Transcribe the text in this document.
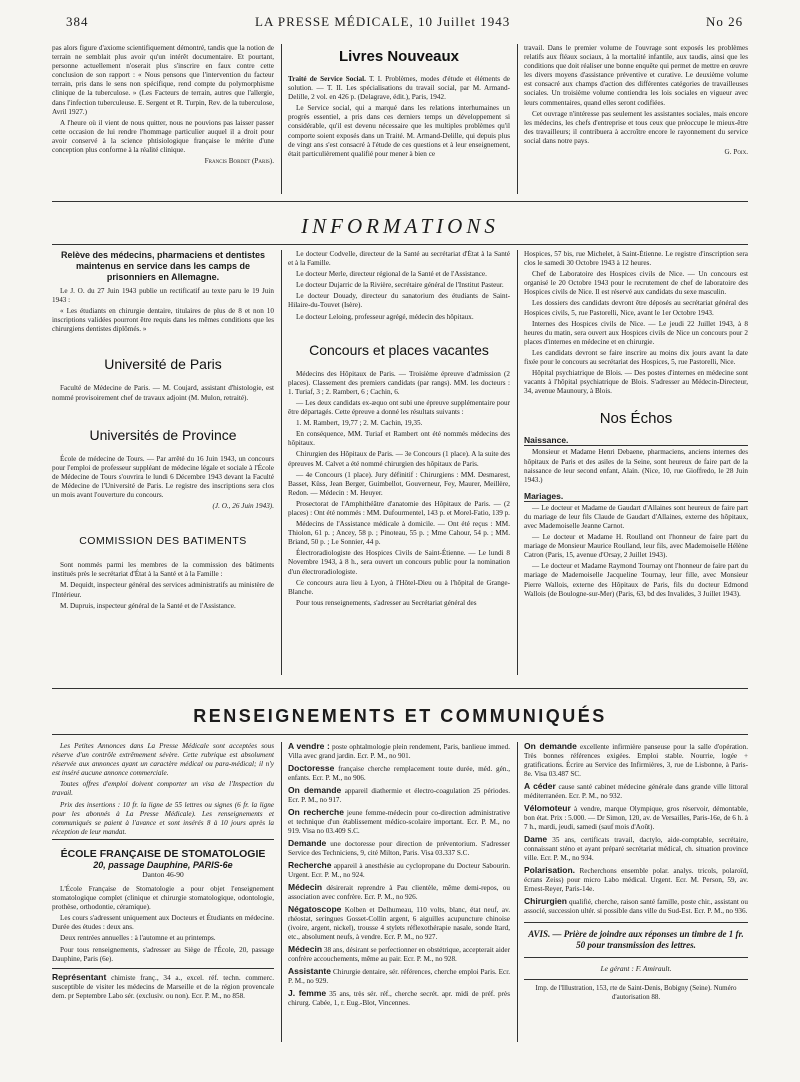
384	LA PRESSE MÉDICALE, 10 Juillet 1943	No 26

pas alors figure d'axiome scientifiquement démontré, tandis que la notion de terrain ne semblait plus avoir qu'un intérêt documentaire. Et pourtant, personne actuellement n'oserait plus s'inscrire en faux contre cette conclusion de son rapport : « Nous pensons que l'intervention du facteur terrain, pris dans le sens non spécifique, rend compte du polymorphisme clinique de la tuberculose. » (Les Facteurs de terrain, autres que l'allergie, dans l'infection tuberculeuse. E. Sergent et R. Turpin, Rev. de la tuberculose, Avril 1927.)

A l'heure où il vient de nous quitter, nous ne pouvions pas laisser passer cette occasion de lui rendre l'hommage particulier auquel il a droit pour avoir conservé à la science phtisiologique française le mérite d'une conception plus conforme à la réalité clinique.

Francis Bordet (Paris).
Livres Nouveaux

Traité de Service Social. T. I. Problèmes, modes d'étude et éléments de solution. — T. II. Les spécialisations du travail social, par M. Armand-Delille, 2 vol. en 426 p. (Delagrave, édit.), Paris, 1942.

Le Service social, qui a marqué dans les relations interhumaines un progrès essentiel, a pris dans ces derniers temps un développement si considérable, qu'il est devenu nécessaire que les multiples problèmes qu'il comporte soient exposés dans un Traité. M. Armand-Delille, qui depuis plus de vingt ans s'est consacré à l'étude de ces questions et à leur enseignement, était particulièrement qualifié pour mener à bien ce

travail. Dans le premier volume de l'ouvrage sont exposés les problèmes relatifs aux fléaux sociaux, à la mortalité infantile, aux taudis, ainsi que les conditions que doit réaliser une bonne enquête qui permet de mettre en œuvre les divers moyens d'assistance préventive et curative. Le deuxième volume est consacré aux champs d'action des différentes catégories de travailleuses sociales. Un troisième volume contiendra les lois sociales en vigueur avec leurs commentaires, quand elles seront codifiées.

Cet ouvrage n'intéresse pas seulement les assistantes sociales, mais encore les médecins, les chefs d'entreprise et tous ceux que préoccupe le mieux-être des travailleurs; il contribuera à accroître encore le rayonnement du service social dans notre pays.

G. Poix.
INFORMATIONS
Relève des médecins, pharmaciens et dentistes maintenus en service dans les camps de prisonniers en Allemagne.

Le J. O. du 27 Juin 1943 publie un rectificatif au texte paru le 19 Juin 1943 :

« Les étudiants en chirurgie dentaire, titulaires de plus de 8 et non 10 inscriptions validées pourront être requis dans les mêmes conditions que les chirurgiens dentistes diplômés. »

Université de Paris

Faculté de Médecine de Paris. — M. Coujard, assistant d'histologie, est nommé provisoirement chef de travaux adjoint (M. Mulon, retraité).

Universités de Province

École de médecine de Tours. — Par arrêté du 16 Juin 1943, un concours pour l'emploi de professeur suppléant de médecine légale et sociale à l'École de Médecine de Tours s'ouvrira le lundi 6 Décembre 1943 devant la Faculté de Médecine de l'Université de Paris. Le registre des inscriptions sera clos un mois avant l'ouverture du concours.

(J. O., 26 Juin 1943).
COMMISSION DES BATIMENTS

Sont nommés parmi les membres de la commission des bâtiments institués près le secrétariat d'État à la Santé et à la Famille :

M. Dequidt, inspecteur général des services administratifs au ministère de l'Intérieur.

M. Dupruis, inspecteur général de la Santé et de l'Assistance.

Le docteur Codvelle, directeur de la Santé au secrétariat d'État à la Santé et à la Famille.

Le docteur Merle, directeur régional de la Santé et de l'Assistance.

Le docteur Dujarric de la Rivière, secrétaire général de l'Institut Pasteur.

Le docteur Douady, directeur du sanatorium des étudiants de Saint-Hilaire-du-Touvet (Isère).

Le docteur Leloing, professeur agrégé, médecin des hôpitaux.

Concours et places vacantes

Médecins des Hôpitaux de Paris. — Troisième épreuve d'admission (2 places). Classement des premiers candidats (par rangs). MM. les docteurs : 1. Turiaf, 3 ; 2. Rambert, 6 ; Cachin, 6.

— Les deux candidats ex-æquo ont subi une épreuve supplémentaire pour être départagés. Cette épreuve a donné les résultats suivants :

1. M. Rambert, 19,77 ; 2. M. Cachin, 19,35.

En conséquence, MM. Turiaf et Rambert ont été nommés médecins des hôpitaux.

Chirurgien des Hôpitaux de Paris. — 3e Concours (1 place). A la suite des épreuves M. Calvet a été nommé chirurgien des hôpitaux de Paris.

— 4e Concours (1 place). Jury définitif : Chirurgiens : MM. Desmarest, Basset, Küss, Jean Berger, Guimbellot, Gouverneur, Fey, Maurer, Meillère, Redon. — Médecin : M. Heuyer.

Prosectorat de l'Amphithéâtre d'anatomie des Hôpitaux de Paris. — (2 places) : Ont été nommés : MM. Dufourmentel, 143 p. et Morel-Fatio, 139 p.

Médecins de l'Assistance médicale à domicile. — Ont été reçus : MM. Thiolon, 61 p. ; Ancey, 58 p. ; Pinoteau, 55 p. ; Mme Cahour, 54 p. ; MM. Briand, 50 p. ; Le Sonnier, 44 p.

Électroradiologiste des Hospices Civils de Saint-Étienne. — Le lundi 8 Novembre 1943, à 8 h., sera ouvert un concours public pour la nomination d'un électroradiologiste.

Ce concours aura lieu à Lyon, à l'Hôtel-Dieu ou à l'hôpital de Grange-Blanche.

Pour tous renseignements, s'adresser au Secrétariat général des

Hospices, 57 bis, rue Michelet, à Saint-Étienne. Le registre d'inscription sera clos le samedi 30 Octobre 1943 à 12 heures.

Chef de Laboratoire des Hospices civils de Nice. — Un concours est organisé le 20 Octobre 1943 pour le recrutement de chef de laboratoire des Hospices civils de Nice. Il est réservé aux candidats du sexe masculin.

Les dossiers des candidats devront être déposés au secrétariat général des Hospices civils, 5, rue Pastorelli, Nice, avant le 1er Octobre 1943.

Internes des Hospices civils de Nice. — Le jeudi 22 Juillet 1943, à 8 heures du matin, sera ouvert aux Hospices civils de Nice un concours pour 2 places d'internes en médecine et en chirurgie.

Les candidats devront se faire inscrire au moins dix jours avant la date fixée pour le concours au secrétariat des Hospices, 5, rue Pastorelli, Nice.

Hôpital psychiatrique de Blois. — Des postes d'internes en médecine sont vacants à l'hôpital psychiatrique de Blois. S'adresser au Médecin-Directeur, 34, avenue Maunoury, à Blois.

Nos Échos
Naissance.

Monsieur et Madame Henri Debaene, pharmaciens, anciens internes des hôpitaux de Paris et des asiles de la Seine, sont heureux de faire part de la naissance de leur second enfant, Alain. (Nice, 10, rue Gioffredo, le 28 Juin 1943.)

Mariages.

— Le docteur et Madame de Gaudart d'Allaines sont heureux de faire part du mariage de leur fils Claude de Gaudart d'Allaines, externe des hôpitaux, avec Mademoiselle Jeanne Carnot.

— Le docteur et Madame H. Roulland ont l'honneur de faire part du mariage de Monsieur Maurice Roulland, leur fils, avec Mademoiselle Hélène Catron (Paris, 15, avenue d'Orsay, 2 Juillet 1943).

— Le docteur et Madame Raymond Tournay ont l'honneur de faire part du mariage de Mademoiselle Jacqueline Tournay, leur fille, avec Monsieur Pierre Wallois, externe des Hôpitaux de Paris, fils du docteur Edmond Wallois (de Boulogne-sur-Mer) (Paris, 63, bd des Invalides, 3 Juillet 1943).

RENSEIGNEMENTS ET COMMUNIQUÉS

Les Petites Annonces dans La Presse Médicale sont acceptées sous réserve d'un contrôle extrêmement sévère. Cette rubrique est absolument réservée aux annonces ayant un caractère médical ou para-médical; il n'y est inséré aucune annonce commerciale.

Toutes offres d'emploi doivent comporter un visa de l'Inspection du travail.

Prix des insertions : 10 fr. la ligne de 55 lettres ou signes (6 fr. la ligne pour les abonnés à La Presse Médicale). Les renseignements et communiqués se paient à l'avance et sont insérés 8 à 10 jours après la réception de leur mandat.

ÉCOLE FRANÇAISE DE STOMATOLOGIE
20, passage Dauphine, PARIS-6e
Danton 46-90

L'École Française de Stomatologie a pour objet l'enseignement stomatologique complet (clinique et chirurgie stomatologique, odontologie, prothèse, orthodontie, céramique).

Les cours s'adressent uniquement aux Docteurs et Étudiants en médecine. Durée des études : deux ans.

Deux rentrées annuelles : à l'automne et au printemps.

Pour tous renseignements, s'adresser au Siège de l'École, 20, passage Dauphine, Paris (6e).

Représentant chimiste franç., 34 a., excel. réf. techn. commerc. susceptible de visiter les médecins de Marseille et de la région provencale dem. pr Septembre Labo sér. (exclusiv. ou non). Ecr. P. M., no 858.
A vendre : poste ophtalmologie plein rendement, Paris, banlieue immed. Villa avec grand jardin. Ecr. P. M., no 901.
Doctoresse française cherche remplacement toute durée, méd. gén., enfants. Ecr. P. M., no 906.
On demande appareil diathermie et électro-coagulation 25 périodes. Ecr. P. M., no 917.
On recherche jeune femme-médecin pour co-direction administrative et technique d'un établissement médico-scolaire important. Ecr. P. M., no 919. Visa no 03.409 S.C.
Demande une doctoresse pour direction de préventorium. S'adresser Service des Techniciens, 9, cité Milton, Paris. Visa 03.337 S.C.
Recherche appareil à anesthésie au cyclopropane du Docteur Sabourin. Urgent. Ecr. P. M., no 924.
Médecin désirerait reprendre à Pau clientèle, même demi-repos, ou association avec confrère. Ecr. P. M., no 926.
Négatoscope Kolben et Delhumeau, 110 volts, blanc, état neuf, av. rhéostat, seringues Gosset-Collin argent, 6 aiguilles acupuncture chinoise (ivoire, argent, nickel), trousse 4 stylets réflexothérapie nasale, sonde Itard, etc., absolument neufs, à vendre. Ecr. P. M., no 927.
Médecin 38 ans, désirant se perfectionner en obstétrique, accepterait aider confrère accouchements, même au pair. Ecr. P. M., no 928.
Assistante Chirurgie dentaire, sér. références, cherche emploi Paris. Ecr. P. M., no 929.
J. femme 35 ans, très sér. réf., cherche secrét. apr. midi de préf. près chirurg. Cabée, 1, r. Eug.-Blot, Vincennes.
On demande excellente infirmière panseuse pour la salle d'opération. Très bonnes références exigées. Emploi stable. Nourrie, logée + gratifications. Écrire au Service des Infirmières, 3, rue de Lisbonne, à Paris-8e. Visa 03.487 SC.
A céder cause santé cabinet médecine générale dans grande ville littoral méditerranéen. Ecr. P. M., no 932.
Vélomoteur à vendre, marque Olympique, gros réservoir, démontable, bon état. Prix : 5.000. — Dr Simon, 120, av. de Versailles, Paris-16e, de 6 h. à 7 h., mardi, jeudi, samedi (sauf mois d'Août).
Dame 35 ans, certificats travail, dactylo, aide-comptable, secrétaire, connaissant sténo et ayant préparé secrétariat médical, ch. situation province ville. Ecr. P. M., no 934.
Polarisation. Recherchons ensemble polar. analys. tricols, polaroïd, écrans Zeiss) pour micro Labo médical. Urgent. Ecr. M. Person, 59, av. Ernest-Reyer, Paris-14e.
Chirurgien qualifié, cherche, raison santé famille, poste chir., assistant ou associé, succession ultér. si possible dans ville du Sud-Est. Ecr. P. M., no 936.
AVIS. — Prière de joindre aux réponses un timbre de 1 fr. 50 pour transmission des lettres.
Le gérant : F. Amirault.
Imp. de l'Illustration, 153, rte de Saint-Denis, Bobigny (Seine). Numéro d'autorisation 88.
